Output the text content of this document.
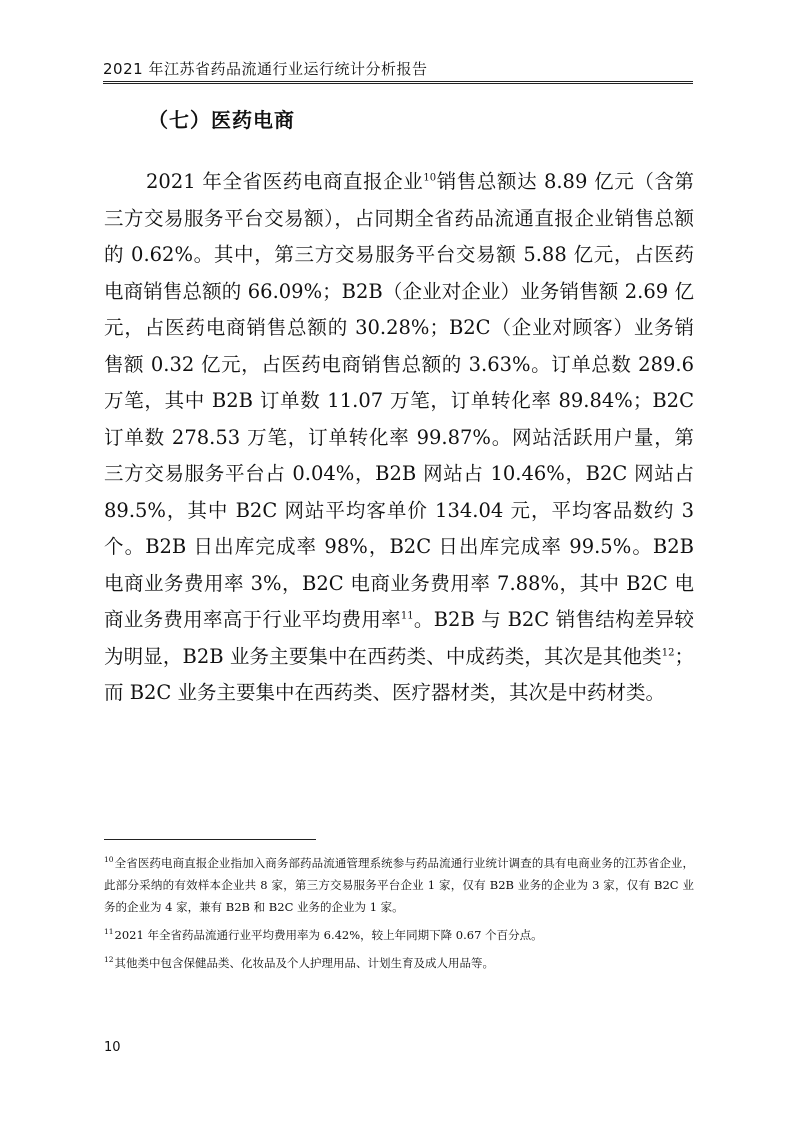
2021 年江苏省药品流通行业运行统计分析报告
（七）医药电商
2021 年全省医药电商直报企业$^{10}$销售总额达 8.89 亿元（含第三方交易服务平台交易额），占同期全省药品流通直报企业销售总额的 0.62%。其中，第三方交易服务平台交易额 5.88 亿元，占医药电商销售总额的 66.09%；B2B（企业对企业）业务销售额 2.69 亿元，占医药电商销售总额的 30.28%；B2C（企业对顾客）业务销售额 0.32 亿元，占医药电商销售总额的 3.63%。订单总数 289.6 万笔，其中 B2B 订单数 11.07 万笔，订单转化率 89.84%；B2C 订单数 278.53 万笔，订单转化率 99.87%。网站活跃用户量，第三方交易服务平台占 0.04%，B2B 网站占 10.46%，B2C 网站占 89.5%，其中 B2C 网站平均客单价 134.04 元，平均客品数约 3 个。B2B 日出库完成率 98%，B2C 日出库完成率 99.5%。B2B 电商业务费用率 3%，B2C 电商业务费用率 7.88%，其中 B2C 电商业务费用率高于行业平均费用率$^{11}$。B2B 与 B2C 销售结构差异较为明显，B2B 业务主要集中在西药类、中成药类，其次是其他类$^{12}$；而 B2C 业务主要集中在西药类、医疗器材类，其次是中药材类。

$^{10}$全省医药电商直报企业指加入商务部药品流通管理系统参与药品流通行业统计调查的具有电商业务的江苏省企业，此部分采纳的有效样本企业共 8 家，第三方交易服务平台企业 1 家，仅有 B2B 业务的企业为 3 家，仅有 B2C 业务的企业为 4 家，兼有 B2B 和 B2C 业务的企业为 1 家。

$^{11}$2021 年全省药品流通行业平均费用率为 6.42%，较上年同期下降 0.67 个百分点。

$^{12}$其他类中包含保健品类、化妆品及个人护理用品、计划生育及成人用品等。

10
